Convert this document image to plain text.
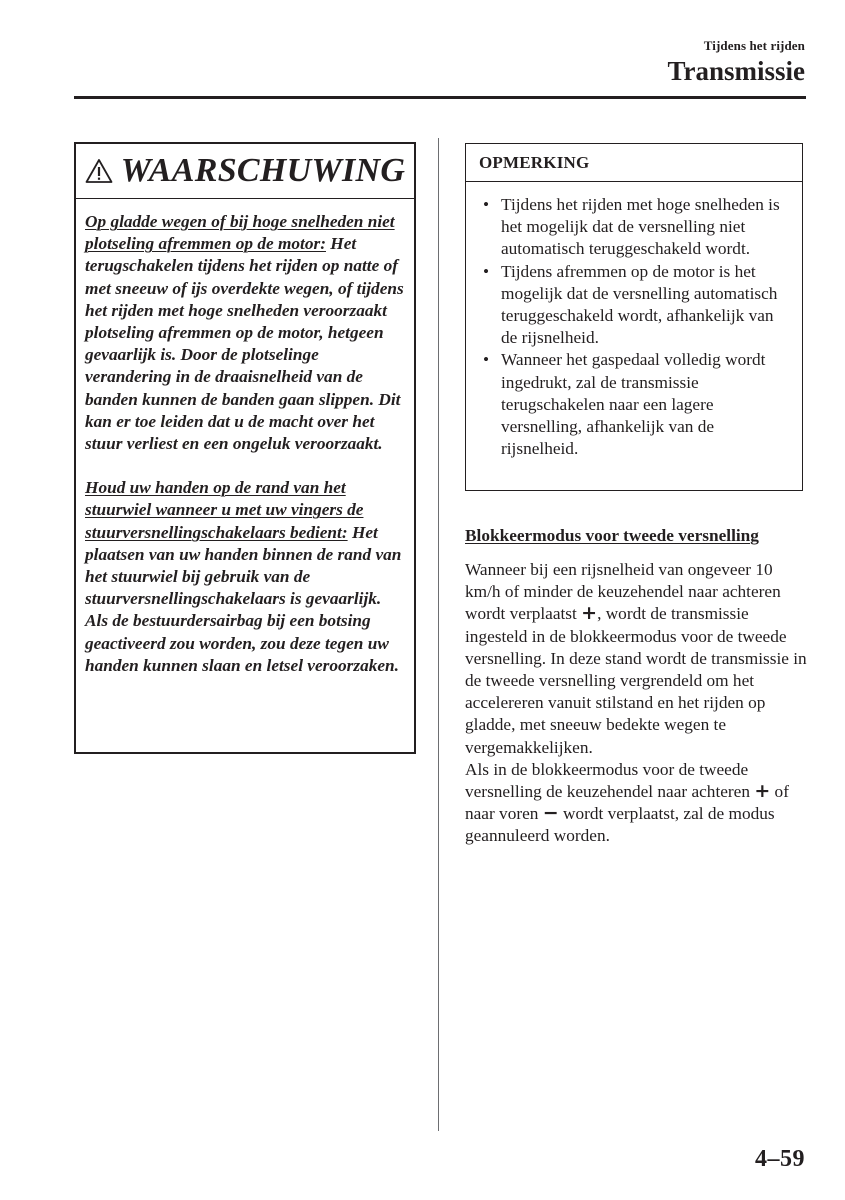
Tijdens het rijden
Transmissie
WAARSCHUWING

Op gladde wegen of bij hoge snelheden niet plotseling afremmen op de motor: Het terugschakelen tijdens het rijden op natte of met sneeuw of ijs overdekte wegen, of tijdens het rijden met hoge snelheden veroorzaakt plotseling afremmen op de motor, hetgeen gevaarlijk is. Door de plotselinge verandering in de draaisnelheid van de banden kunnen de banden gaan slippen. Dit kan er toe leiden dat u de macht over het stuur verliest en een ongeluk veroorzaakt.

Houd uw handen op de rand van het stuurwiel wanneer u met uw vingers de stuurversnellingschakelaars bedient: Het plaatsen van uw handen binnen de rand van het stuurwiel bij gebruik van de stuurversnellingschakelaars is gevaarlijk. Als de bestuurdersairbag bij een botsing geactiveerd zou worden, zou deze tegen uw handen kunnen slaan en letsel veroorzaken.

OPMERKING
• Tijdens het rijden met hoge snelheden is het mogelijk dat de versnelling niet automatisch teruggeschakeld wordt.
• Tijdens afremmen op de motor is het mogelijk dat de versnelling automatisch teruggeschakeld wordt, afhankelijk van de rijsnelheid.
• Wanneer het gaspedaal volledig wordt ingedrukt, zal de transmissie terugschakelen naar een lagere versnelling, afhankelijk van de rijsnelheid.
Blokkeermodus voor tweede versnelling

Wanneer bij een rijsnelheid van ongeveer 10 km/h of minder de keuzehendel naar achteren wordt verplaatst +, wordt de transmissie ingesteld in de blokkeermodus voor de tweede versnelling. In deze stand wordt de transmissie in de tweede versnelling vergrendeld om het accelereren vanuit stilstand en het rijden op gladde, met sneeuw bedekte wegen te vergemakkelijken.

Als in de blokkeermodus voor de tweede versnelling de keuzehendel naar achteren + of naar voren − wordt verplaatst, zal de modus geannuleerd worden.

4–59
